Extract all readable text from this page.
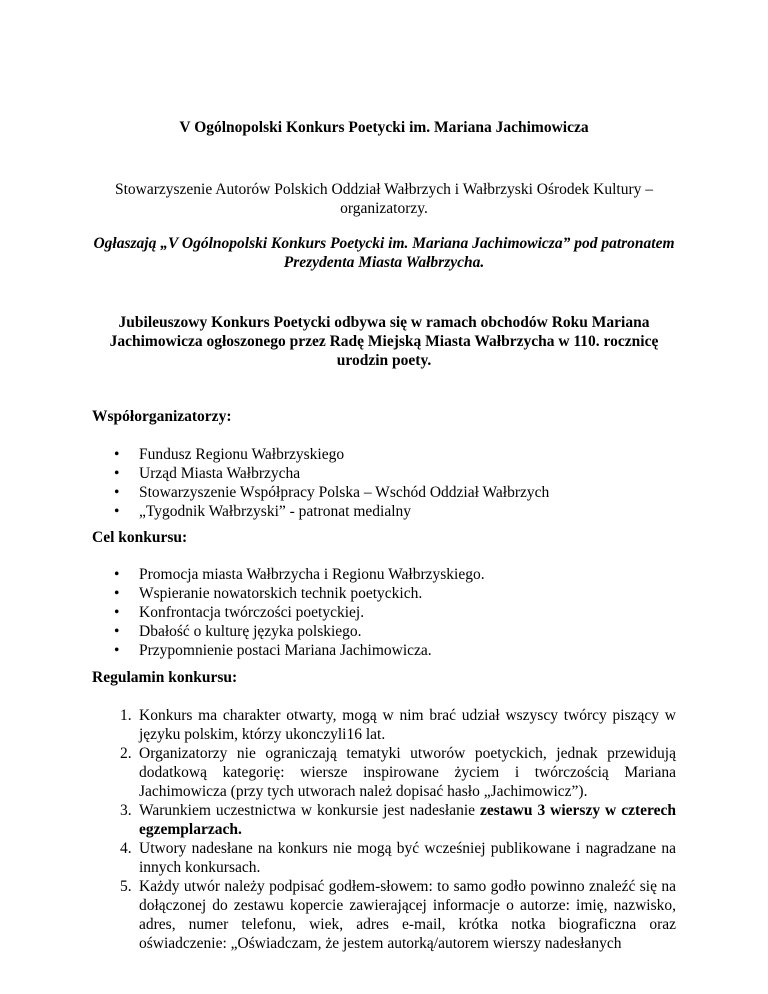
V Ogólnopolski Konkurs Poetycki im. Mariana Jachimowicza
Stowarzyszenie Autorów Polskich Oddział Wałbrzych i Wałbrzyski Ośrodek Kultury – organizatorzy.
Ogłaszają „V Ogólnopolski Konkurs Poetycki im. Mariana Jachimowicza” pod patronatem Prezydenta Miasta Wałbrzycha.
Jubileuszowy Konkurs Poetycki odbywa się w ramach obchodów Roku Mariana Jachimowicza ogłoszonego przez Radę Miejską Miasta Wałbrzycha w 110. rocznicę urodzin poety.
Współorganizatorzy:
• Fundusz Regionu Wałbrzyskiego
• Urząd Miasta Wałbrzycha
• Stowarzyszenie Współpracy Polska – Wschód Oddział Wałbrzych
• „Tygodnik Wałbrzyski” - patronat medialny
Cel konkursu:
• Promocja miasta Wałbrzycha i Regionu Wałbrzyskiego.
• Wspieranie nowatorskich technik poetyckich.
• Konfrontacja twórczości poetyckiej.
• Dbałość o kulturę języka polskiego.
• Przypomnienie postaci Mariana Jachimowicza.
Regulamin konkursu:
1. Konkurs ma charakter otwarty, mogą w nim brać udział wszyscy twórcy piszący w języku polskim, którzy ukonczyli16 lat.
2. Organizatorzy nie ograniczają tematyki utworów poetyckich, jednak przewidują dodatkową kategorię: wiersze inspirowane życiem i twórczością Mariana Jachimowicza (przy tych utworach należ dopisać hasło „Jachimowicz”).
3. Warunkiem uczestnictwa w konkursie jest nadesłanie zestawu 3 wierszy w czterech egzemplarzach.
4. Utwory nadesłane na konkurs nie mogą być wcześniej publikowane i nagradzane na innych konkursach.
5. Każdy utwór należy podpisać godłem-słowem: to samo godło powinno znaleźć się na dołączonej do zestawu kopercie zawierającej informacje o autorze: imię, nazwisko, adres, numer telefonu, wiek, adres e-mail, krótka notka biograficzna oraz oświadczenie: „Oświadczam, że jestem autorką/autorem wierszy nadesłanych
